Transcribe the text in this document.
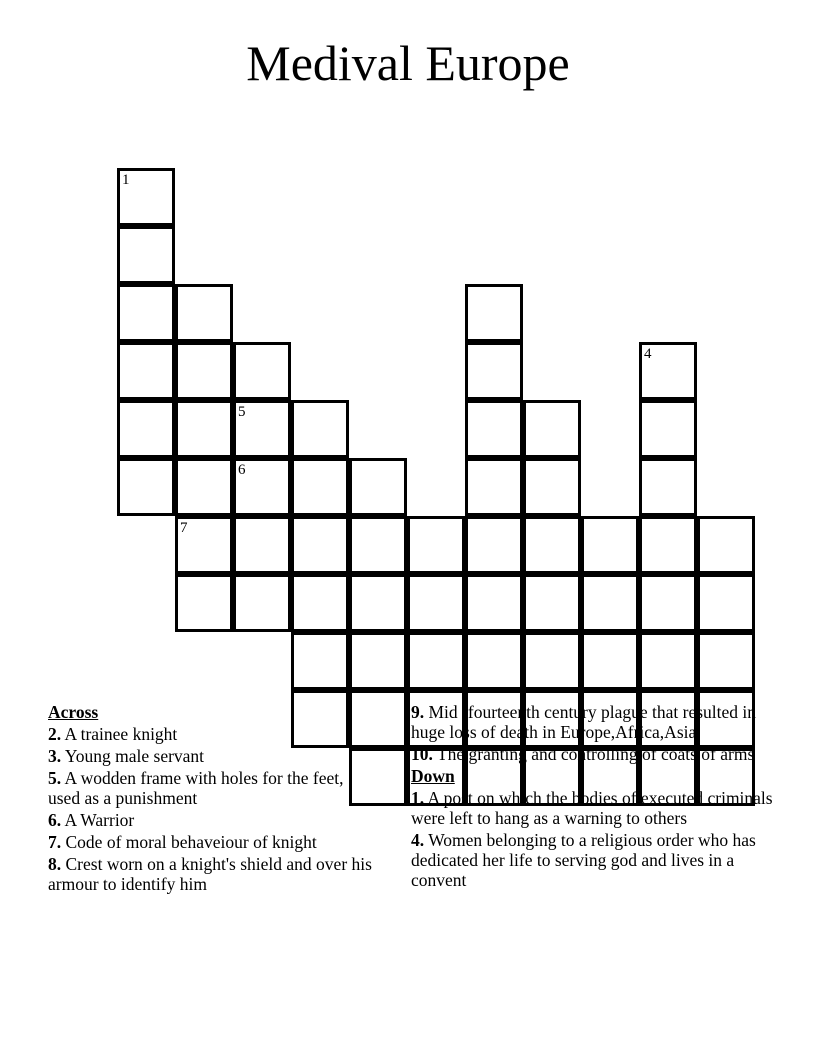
Medival Europe
1
7
5
6
4
Across
2. A trainee knight
3. Young male servant
5. A wodden frame with holes for the feet, used as a punishment
6. A Warrior
7. Code of moral behaveiour of knight
8. Crest worn on a knight's shield and over his armour to identify him
9. Mid -fourteenth century plague that resulted in huge loss of death in Europe,Africa,Asia
10. The granting and controlling of coats of arms
Down
1. A post on which the bodies of executed criminals were left to hang as a warning to others
4. Women belonging to a religious order who has dedicated her life to serving god and lives in a convent
